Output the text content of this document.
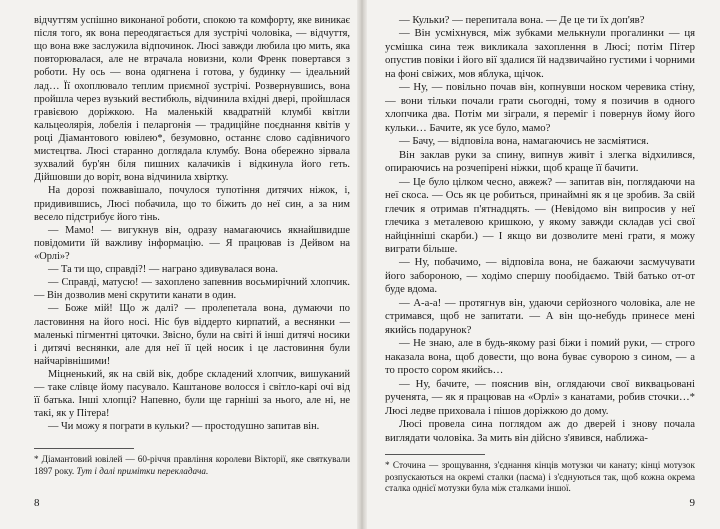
відчуттям успішно виконаної роботи, спокою та комфорту, яке виникає після того, як вона переодягається для зустрічі чоловіка, — відчуття, що вона вже заслужила відпочинок. Люсі завжди любила цю мить, яка повторювалася, але не втрачала новизни, коли Френк повертався з роботи. Ну ось — вона одягнена і готова, у будинку — ідеальний лад… Її охоплювало теплим приємної зустрічі. Розвернувшись, вона пройшла через вузький вестибюль, відчинила вхідні двері, пройшлася гравієвою доріжкою. На маленькій квадратній клумбі квітли кальцеолярія, лобелія і пеларгонія — традиційне поєднання квітів у році Діамантового ювілею*, безумовно, останнє слово садівничого мистецтва. Люсі старанно доглядала клумбу. Вона обережно зірвала зухвалий бур'ян біля пишних калачиків і відкинула його геть. Дійшовши до воріт, вона відчинила хвіртку.

На дорозі пожвавішало, почулося тупотіння дитячих ніжок, і, придивившись, Люсі побачила, що то біжить до неї син, а за ним весело підстрибує його тінь.

— Мамо! — вигукнув він, одразу намагаючись якнайшвидше повідомити їй важливу інформацію. — Я працював із Дейвом на «Орлі»?

— Та ти що, справді?! — награно здивувалася вона.

— Справді, матусю! — захоплено запевнив восьмирічний хлопчик. — Він дозволив мені скрутити канати в один.

— Боже мій! Що ж далі? — пролепетала вона, думаючи по ластовиння на його носі. Ніс був віддерто кирпатий, а веснянки — маленькі пігментні цяточки. Звісно, були на світі й інші дитячі носики і дитячі веснянки, але для неї її цей носик і це ластовиння були найчарівнішими!

Міцненький, як на свій вік, добре складений хлопчик, вишуканий — таке слівце йому пасувало. Каштанове волосся і світло-карі очі від її батька. Інші хлопці? Напевно, були ще гарніші за нього, але ні, не такі, як у Пітера!

— Чи можу я пограти в кульки? — простодушно запитав він.

* Діамантовий ювілей — 60-річчя правління королеви Вікторії, яке святкували 1897 року. Тут і далі примітки перекладача.
8

— Кульки? — перепитала вона. — Де це ти їх доп'яв?

— Він усміхнувся, між зубками мелькнули прогалинки — ця усмішка сина теж викликала захоплення в Люсі; потім Пітер опустив повіки і його вії здалися їй надзвичайно густими і чорними на фоні свіжих, мов яблука, щічок.

— Ну, — повільно почав він, копнувши носком черевика стіну, — вони тільки почали грати сьогодні, тому я позичив в одного хлопчика два. Потім ми зіграли, я переміг і повернув йому його кульки… Бачите, як усе було, мамо?

— Бачу, — відповіла вона, намагаючись не засміятися.

Він заклав руки за спину, випнув живіт і злегка відхилився, опираючись на розчепірені ніжки, щоб краще її бачити.

— Це було цілком чесно, авжеж? — запитав він, поглядаючи на неї скоса. — Ось як це робиться, принаймні як я це зробив. За свій глечик я отримав п'ятнадцять. — (Невідомо він випросив у неї глечика з металевою кришкою, у якому завжди складав усі свої найцінніші скарби.) — І якщо ви дозволите мені грати, я можу виграти більше.

— Ну, побачимо, — відповіла вона, не бажаючи засмучувати його забороною, — ходімо спершу пообідаємо. Твій батько от-от буде вдома.

— А-а-а! — протягнув він, удаючи серйозного чоловіка, але не стримався, щоб не запитати. — А він що-небудь принесе мені якийсь подарунок?

— Не знаю, але в будь-якому разі біжи і помий руки, — строго наказала вона, щоб довести, що вона буває суворою з сином, — а то просто сором якийсь…

— Ну, бачите, — пояснив він, оглядаючи свої виквацьовані рученята, — як я працював на «Орлі» з канатами, робив сточки…* Люсі ледве приховала і пішов доріжкою до дому.

Люсі провела сина поглядом аж до дверей і знову почала виглядати чоловіка. За мить він дійсно з'явився, наближа-

* Сточина — зрощування, з'єднання кінців мотузки чи канату; кінці мотузок розпускаються на окремі сталки (пасма) і з'єднуються так, щоб кожна окрема сталка однієї мотузки була між сталками іншої.
9
